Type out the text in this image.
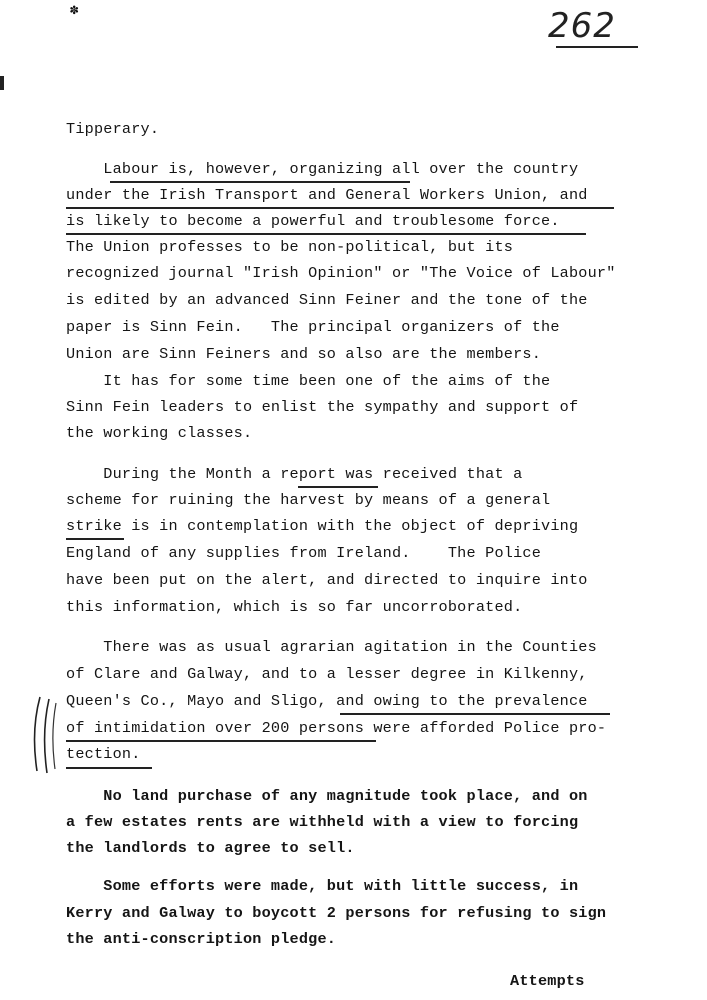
✽	262
Tipperary.
Labour is, however, organizing all over the country
under the Irish Transport and General Workers Union, and
is likely to become a powerful and troublesome force.
The Union professes to be non-political, but its
recognized journal "Irish Opinion" or "The Voice of Labour"
is edited by an advanced Sinn Feiner and the tone of the
paper is Sinn Fein.   The principal organizers of the
Union are Sinn Feiners and so also are the members.
It has for some time been one of the aims of the
Sinn Fein leaders to enlist the sympathy and support of
the working classes.
During the Month a report was received that a
scheme for ruining the harvest by means of a general
strike is in contemplation with the object of depriving
England of any supplies from Ireland.    The Police
have been put on the alert, and directed to inquire into
this information, which is so far uncorroborated.
There was as usual agrarian agitation in the Counties
of Clare and Galway, and to a lesser degree in Kilkenny,
Queen's Co., Mayo and Sligo, and owing to the prevalence
of intimidation over 200 persons were afforded Police pro-
tection.
No land purchase of any magnitude took place, and on
a few estates rents are withheld with a view to forcing
the landlords to agree to sell.
Some efforts were made, but with little success, in
Kerry and Galway to boycott 2 persons for refusing to sign
the anti-conscription pledge.
Attempts
